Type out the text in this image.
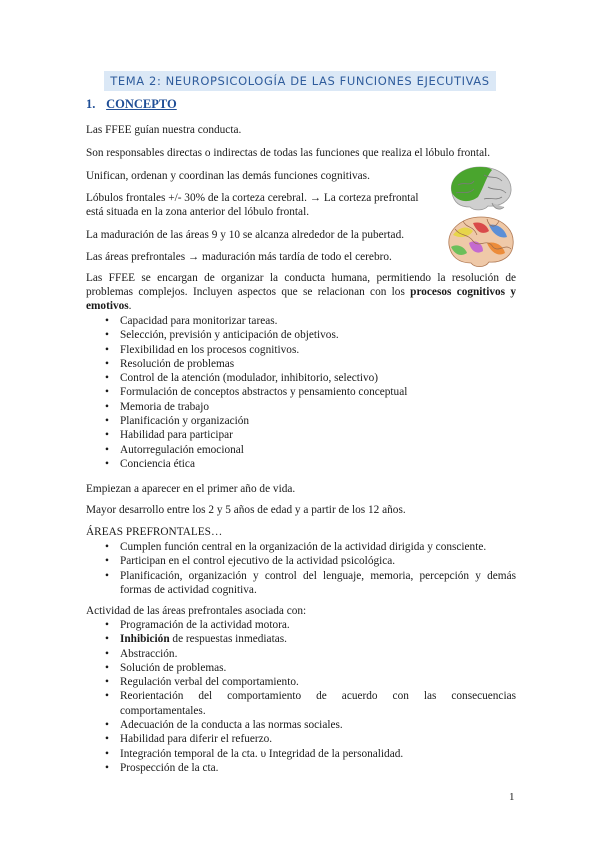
TEMA 2: NEUROPSICOLOGÍA DE LAS FUNCIONES EJECUTIVAS
1. CONCEPTO
Las FFEE guían nuestra conducta.
Son responsables directas o indirectas de todas las funciones que realiza el lóbulo frontal.
Unifican, ordenan y coordinan las demás funciones cognitivas.
Lóbulos frontales +/- 30% de la corteza cerebral. → La corteza prefrontal
está situada en la zona anterior del lóbulo frontal.
La maduración de las áreas 9 y 10 se alcanza alrededor de la pubertad.
Las áreas prefrontales → maduración más tardía de todo el cerebro.
Las FFEE se encargan de organizar la conducta humana, permitiendo la resolución de problemas complejos. Incluyen aspectos que se relacionan con los procesos cognitivos y emotivos.
• Capacidad para monitorizar tareas.
• Selección, previsión y anticipación de objetivos.
• Flexibilidad en los procesos cognitivos.
• Resolución de problemas
• Control de la atención (modulador, inhibitorio, selectivo)
• Formulación de conceptos abstractos y pensamiento conceptual
• Memoria de trabajo
• Planificación y organización
• Habilidad para participar
• Autorregulación emocional
• Conciencia ética
Empiezan a aparecer en el primer año de vida.
Mayor desarrollo entre los 2 y 5 años de edad y a partir de los 12 años.
ÁREAS PREFRONTALES…
• Cumplen función central en la organización de la actividad dirigida y consciente.
• Participan en el control ejecutivo de la actividad psicológica.
• Planificación, organización y control del lenguaje, memoria, percepción y demás formas de actividad cognitiva.
Actividad de las áreas prefrontales asociada con:
• Programación de la actividad motora.
• Inhibición de respuestas inmediatas.
• Abstracción.
• Solución de problemas.
• Regulación verbal del comportamiento.
• Reorientación del comportamiento de acuerdo con las consecuencias comportamentales.
• Adecuación de la conducta a las normas sociales.
• Habilidad para diferir el refuerzo.
• Integración temporal de la cta. υ Integridad de la personalidad.
• Prospección de la cta.
1
